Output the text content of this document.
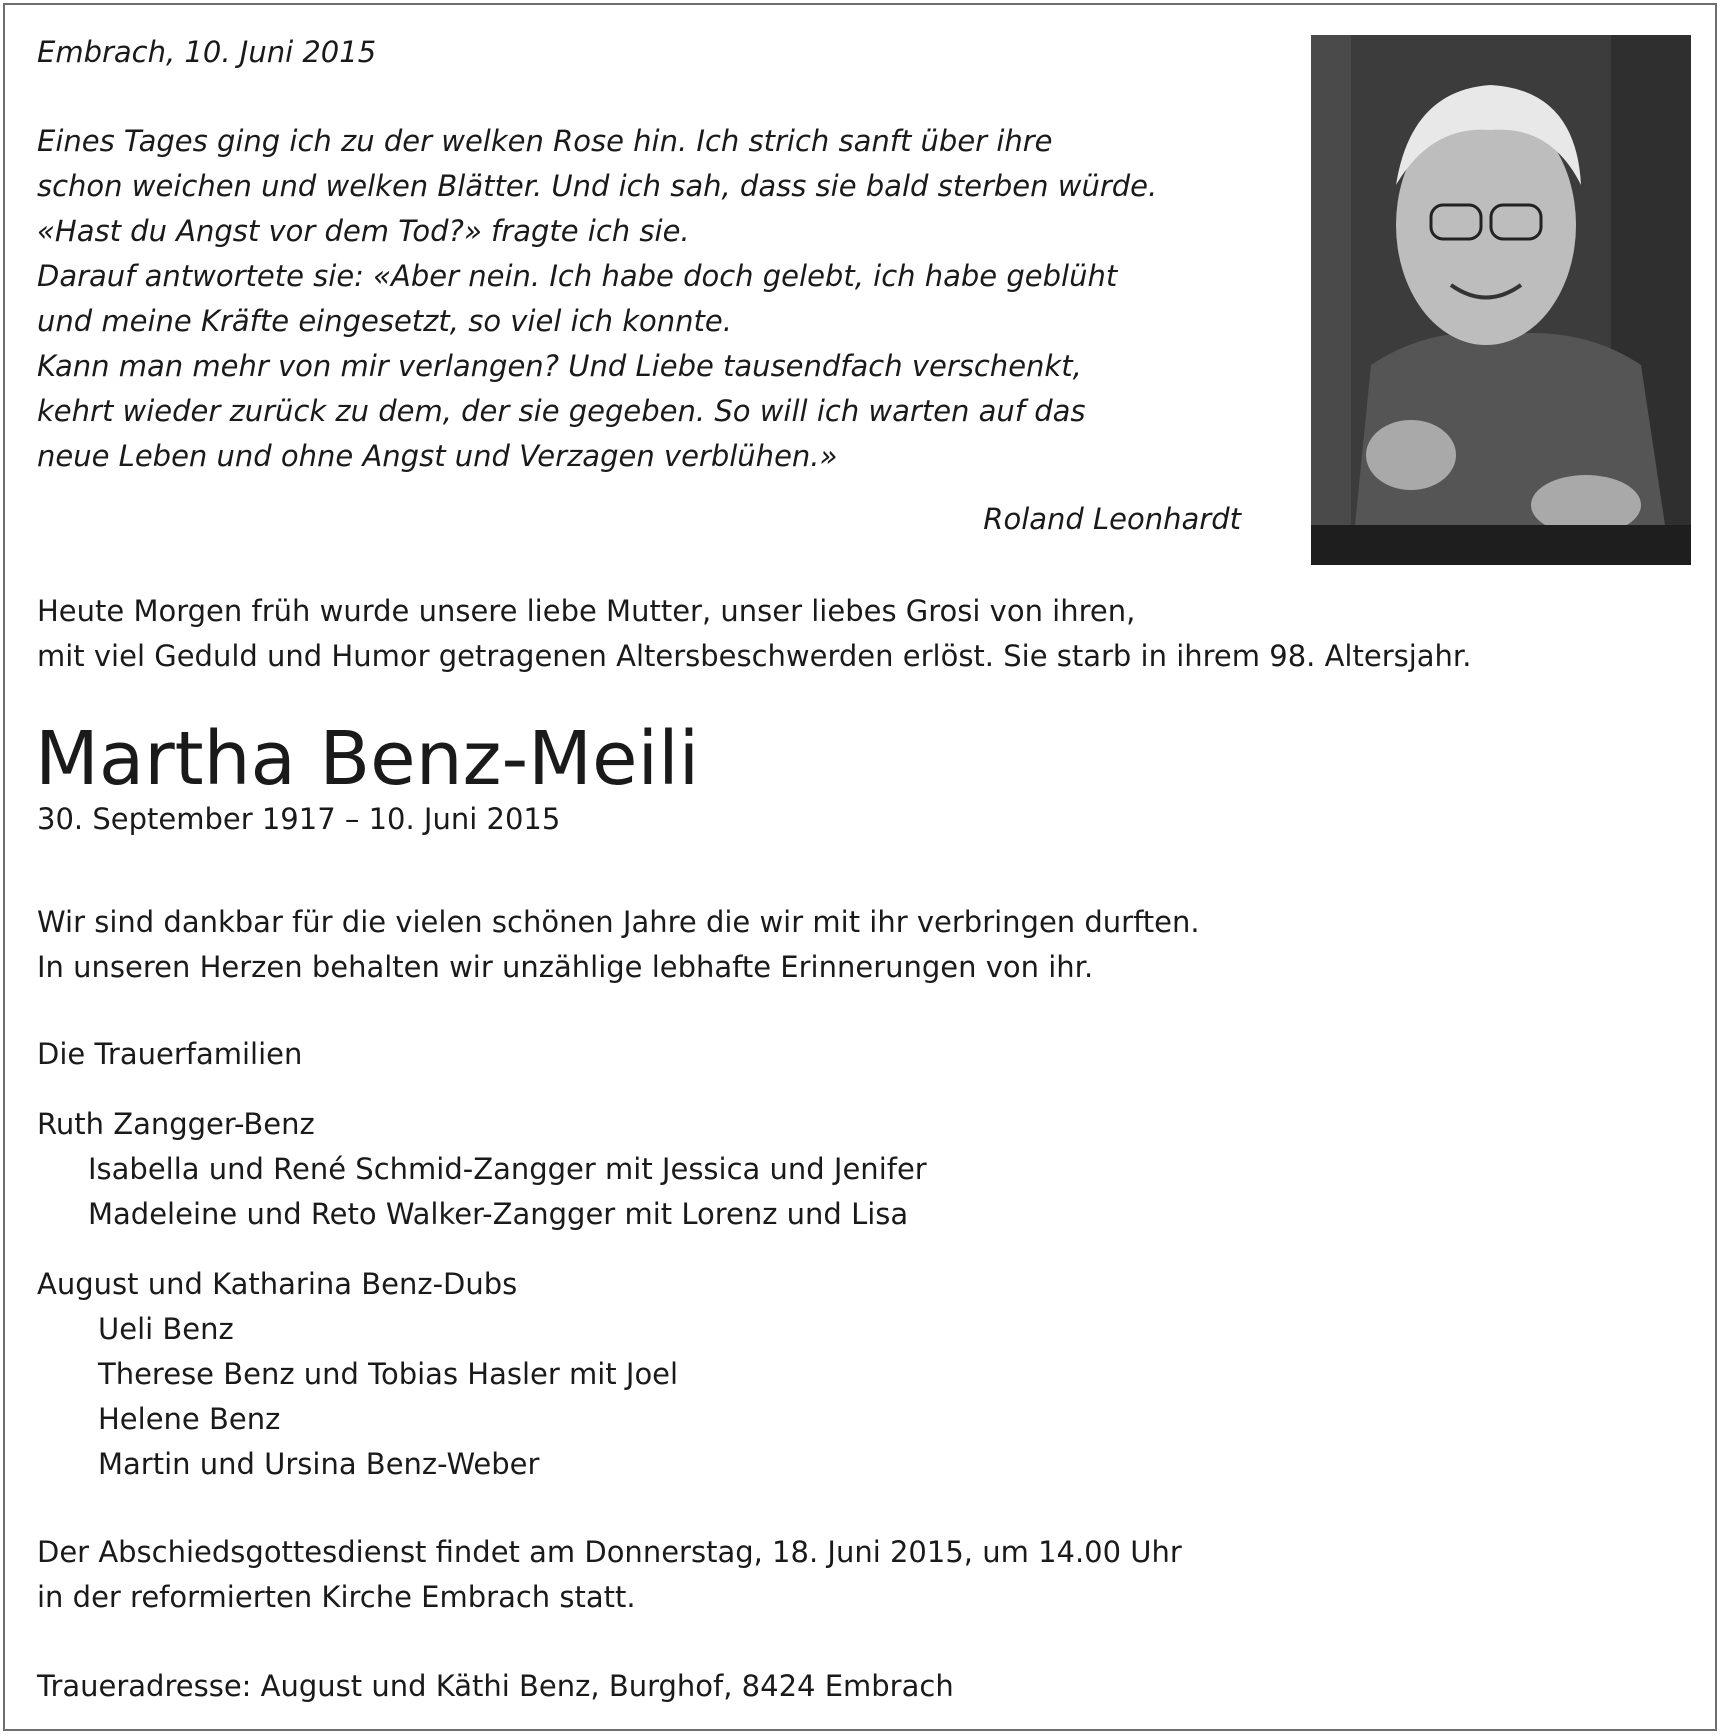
Embrach, 10. Juni 2015
Eines Tages ging ich zu der welken Rose hin. Ich strich sanft über ihre
schon weichen und welken Blätter. Und ich sah, dass sie bald sterben würde.
«Hast du Angst vor dem Tod?» fragte ich sie.
Darauf antwortete sie: «Aber nein. Ich habe doch gelebt, ich habe geblüht
und meine Kräfte eingesetzt, so viel ich konnte.
Kann man mehr von mir verlangen? Und Liebe tausendfach verschenkt,
kehrt wieder zurück zu dem, der sie gegeben. So will ich warten auf das
neue Leben und ohne Angst und Verzagen verblühen.»
Roland Leonhardt
Heute Morgen früh wurde unsere liebe Mutter, unser liebes Grosi von ihren,
mit viel Geduld und Humor getragenen Altersbeschwerden erlöst. Sie starb in ihrem 98. Altersjahr.
Martha Benz-Meili
30. September 1917 – 10. Juni 2015
Wir sind dankbar für die vielen schönen Jahre die wir mit ihr verbringen durften.
In unseren Herzen behalten wir unzählige lebhafte Erinnerungen von ihr.
Die Trauerfamilien
Ruth Zangger-Benz
Isabella und René Schmid-Zangger mit Jessica und Jenifer
Madeleine und Reto Walker-Zangger mit Lorenz und Lisa
August und Katharina Benz-Dubs
Ueli Benz
Therese Benz und Tobias Hasler mit Joel
Helene Benz
Martin und Ursina Benz-Weber
Der Abschiedsgottesdienst findet am Donnerstag, 18. Juni 2015, um 14.00 Uhr
in der reformierten Kirche Embrach statt.
Traueradresse: August und Käthi Benz, Burghof, 8424 Embrach
